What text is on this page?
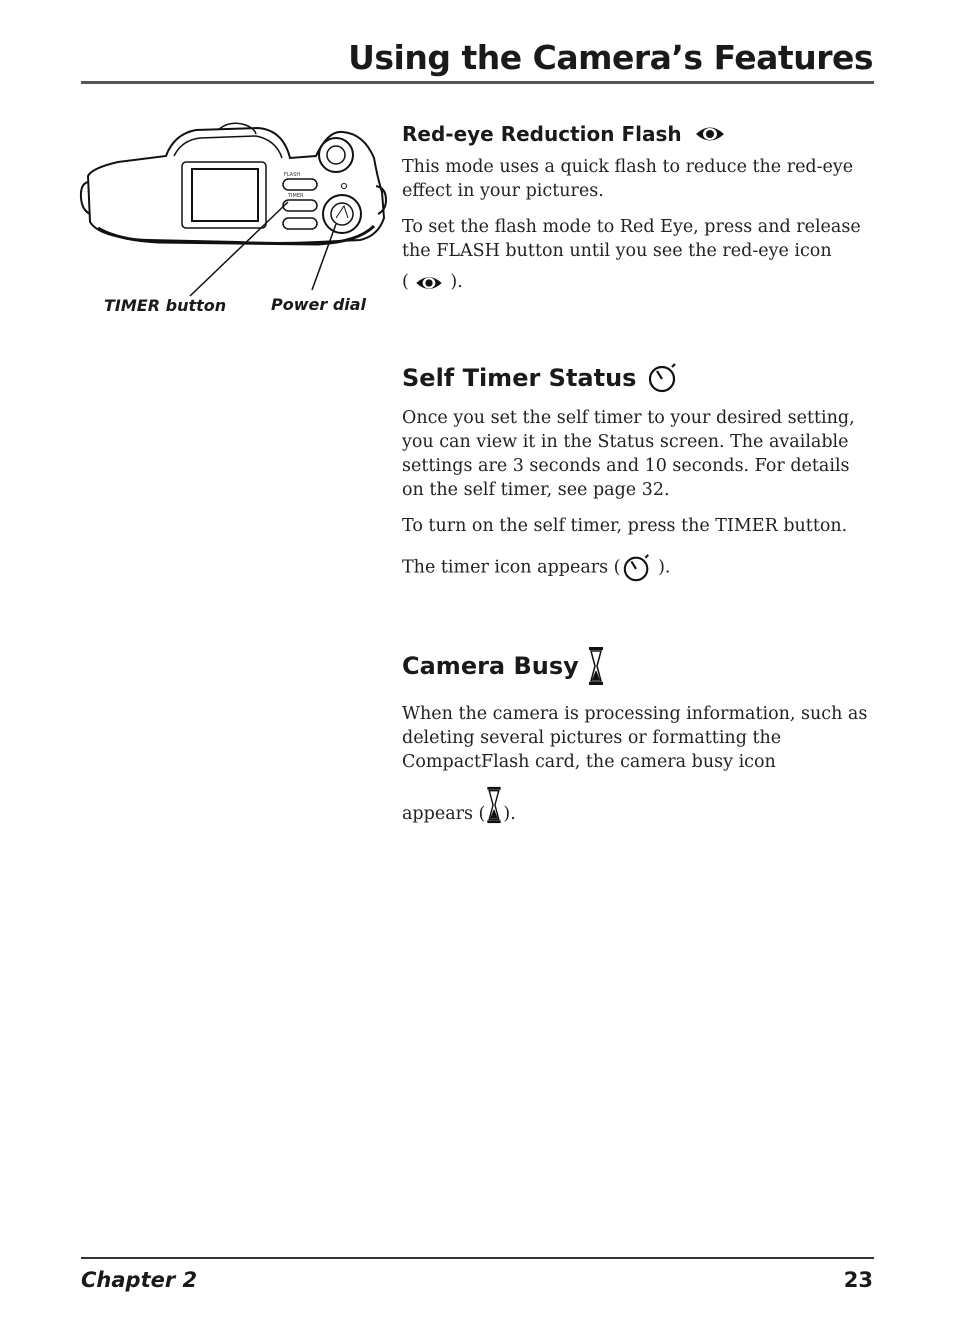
Using the Camera’s Features
FLASH
TIMER
TIMER button	Power dial
Red-eye Reduction Flash
This mode uses a quick flash to reduce the red-eye effect in your pictures.
To set the flash mode to Red Eye, press and release the FLASH button until you see the red-eye icon
( ).
Self Timer Status
Once you set the self timer to your desired setting, you can view it in the Status screen. The available settings are 3 seconds and 10 seconds. For details on the self timer, see page 32.
To turn on the self timer, press the TIMER button.
The timer icon appears ( ).
Camera Busy
When the camera is processing information, such as deleting several pictures or formatting the CompactFlash card, the camera busy icon
appears ( ).
Chapter 2	23
